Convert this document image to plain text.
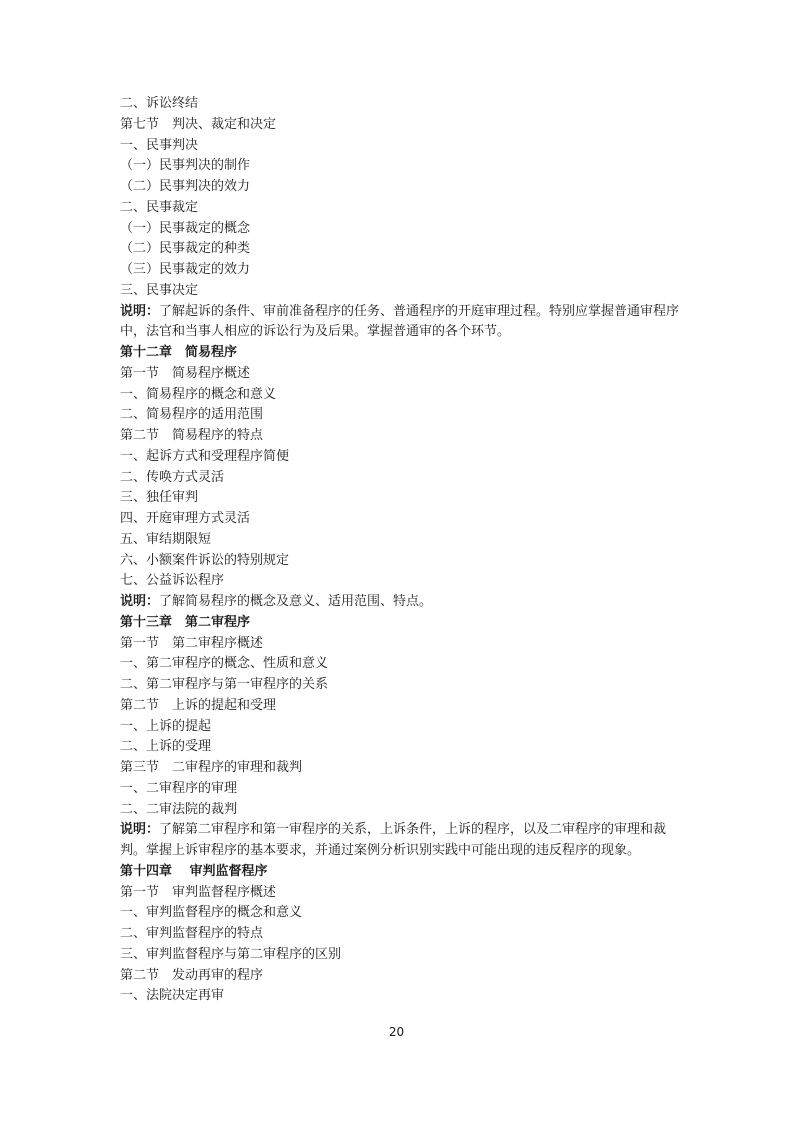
二、诉讼终结
第七节　判决、裁定和决定
一、民事判决
（一）民事判决的制作
（二）民事判决的效力
二、民事裁定
（一）民事裁定的概念
（二）民事裁定的种类
（三）民事裁定的效力
三、民事决定
说明：了解起诉的条件、审前准备程序的任务、普通程序的开庭审理过程。特别应掌握普通审程序中，法官和当事人相应的诉讼行为及后果。掌握普通审的各个环节。
第十二章　简易程序
第一节　简易程序概述
一、简易程序的概念和意义
二、简易程序的适用范围
第二节　简易程序的特点
一、起诉方式和受理程序简便
二、传唤方式灵活
三、独任审判
四、开庭审理方式灵活
五、审结期限短
六、小额案件诉讼的特别规定
七、公益诉讼程序
说明：了解简易程序的概念及意义、适用范围、特点。
第十三章　第二审程序
第一节　第二审程序概述
一、第二审程序的概念、性质和意义
二、第二审程序与第一审程序的关系
第二节　上诉的提起和受理
一、上诉的提起
二、上诉的受理
第三节　二审程序的审理和裁判
一、二审程序的审理
二、二审法院的裁判
说明：了解第二审程序和第一审程序的关系，上诉条件，上诉的程序，以及二审程序的审理和裁判。掌握上诉审程序的基本要求，并通过案例分析识别实践中可能出现的违反程序的现象。
第十四章　 审判监督程序
第一节　审判监督程序概述
一、审判监督程序的概念和意义
二、审判监督程序的特点
三、审判监督程序与第二审程序的区别
第二节　发动再审的程序
一、法院决定再审
20
